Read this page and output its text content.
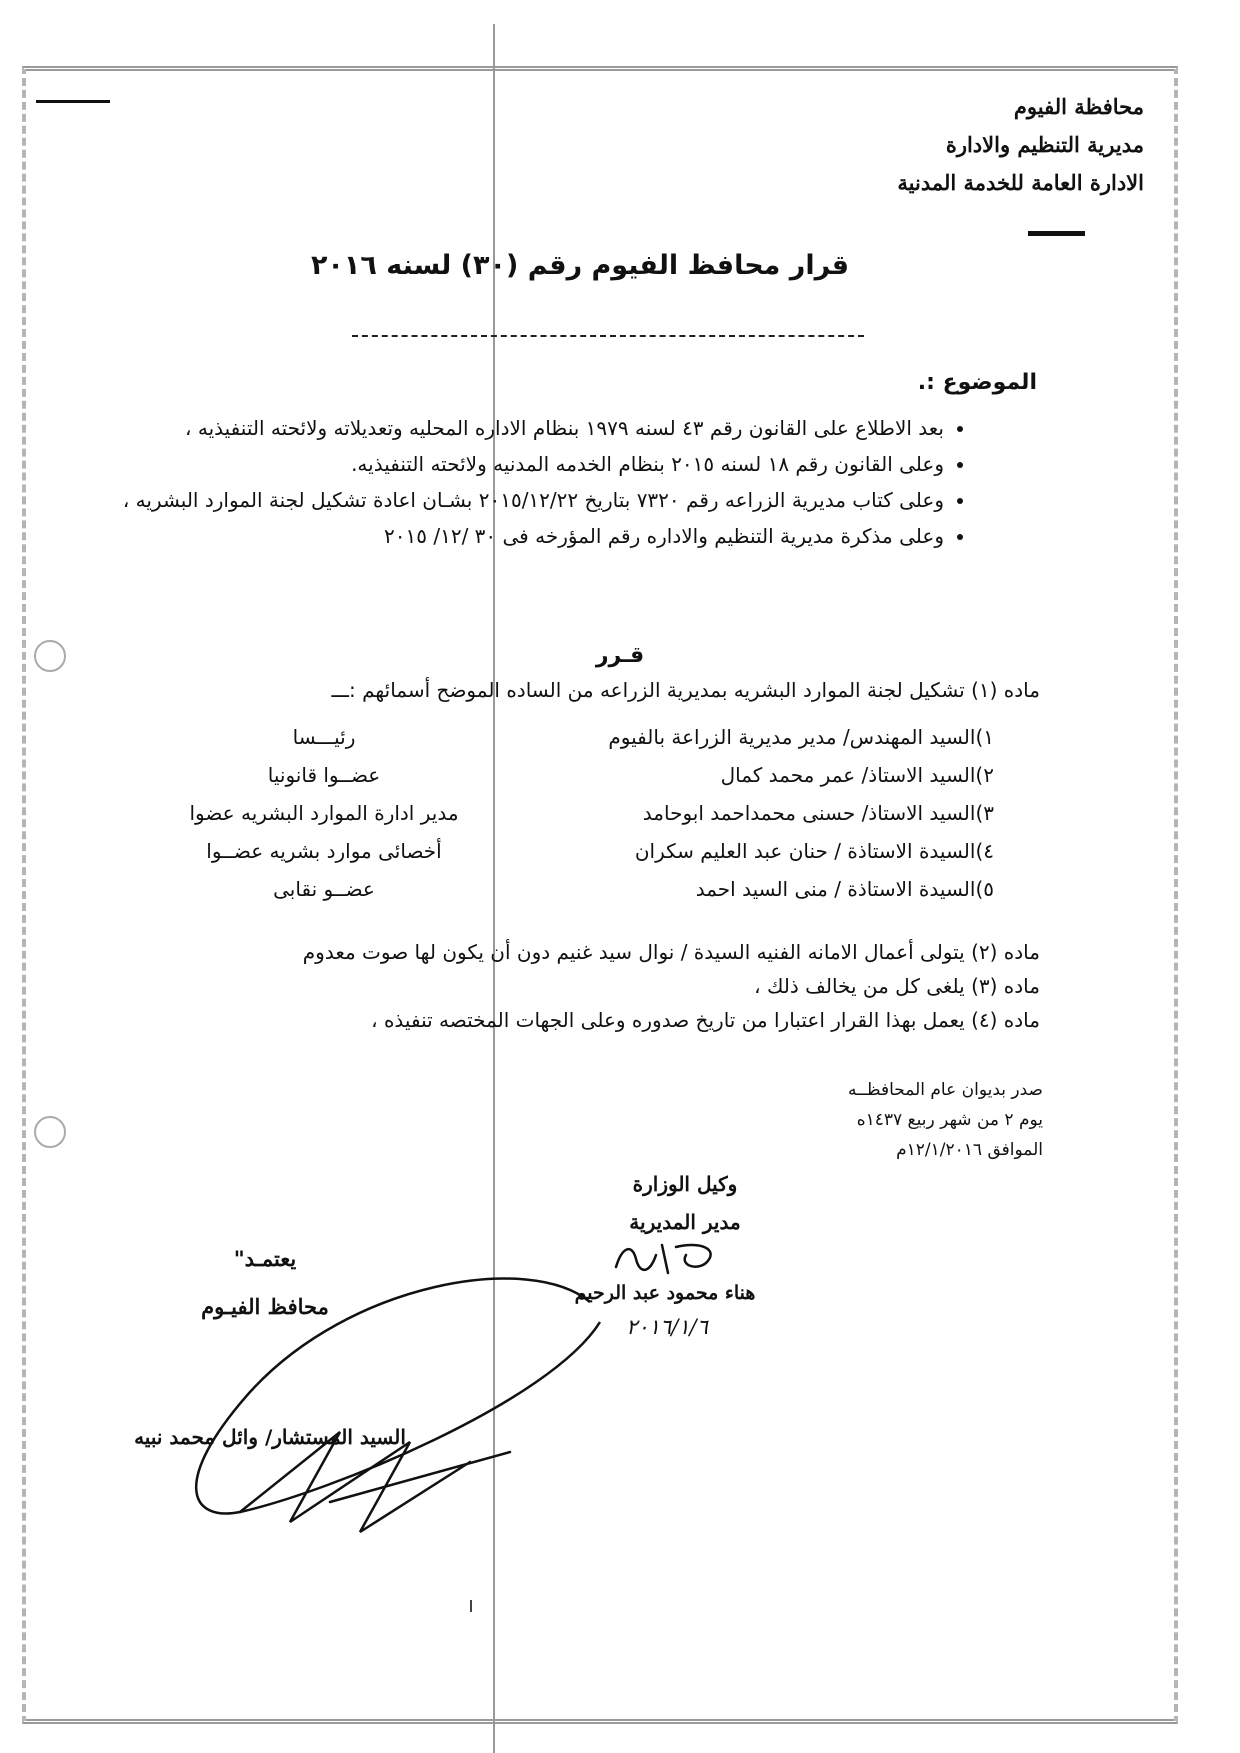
محافظة الفيوم
مديرية التنظيم والادارة
الادارة العامة للخدمة المدنية
قرار محافظ الفيوم رقم (٣٠) لسنه ٢٠١٦
الموضوع :.
• بعد الاطلاع على القانون رقم ٤٣ لسنه ١٩٧٩ بنظام الاداره المحليه وتعديلاته ولائحته التنفيذيه ،
• وعلى القانون رقم ١٨ لسنه ٢٠١٥ بنظام الخدمه المدنيه ولائحته التنفيذيه.
• وعلى كتاب مديرية الزراعه رقم ٧٣٢٠ بتاريخ ٢٠١٥/١٢/٢٢ بشـان اعادة تشكيل لجنة الموارد البشريه ،
• وعلى مذكرة مديرية التنظيم والاداره رقم المؤرخه فى ٣٠ /١٢/ ٢٠١٥
قـرر
ماده (١) تشكيل لجنة الموارد البشريه بمديرية الزراعه من الساده الموضح أسمائهم :ـــ
١)السيد المهندس/ مدير مديرية الزراعة بالفيوم
رئيـــسا
٢)السيد الاستاذ/ عمر محمد كمال
عضــوا قانونيا
٣)السيد الاستاذ/ حسنى محمداحمد ابوحامد
مدير ادارة الموارد البشريه عضوا
٤)السيدة الاستاذة / حنان عبد العليم سكران
أخصائى موارد بشريه عضــوا
٥)السيدة الاستاذة / منى السيد احمد
عضــو نقابى
ماده (٢) يتولى أعمال الامانه الفنيه السيدة / نوال سيد غنيم دون أن يكون لها صوت معدوم
ماده (٣) يلغى كل من يخالف ذلك ،
ماده (٤) يعمل بهذا القرار اعتبارا من تاريخ صدوره وعلى الجهات المختصه تنفيذه ،
صدر بديوان عام المحافظــه
يوم ٢ من شهر ربيع ١٤٣٧ه
الموافق ١٢/١/٢٠١٦م
وكيل الوزارة
مدير المديرية
هناء محمود عبد الرحيم
٢٠١٦/١/٦
يعتمـد"
محافظ الفيـوم
السيد المستشار/ وائل محمد نبيه
